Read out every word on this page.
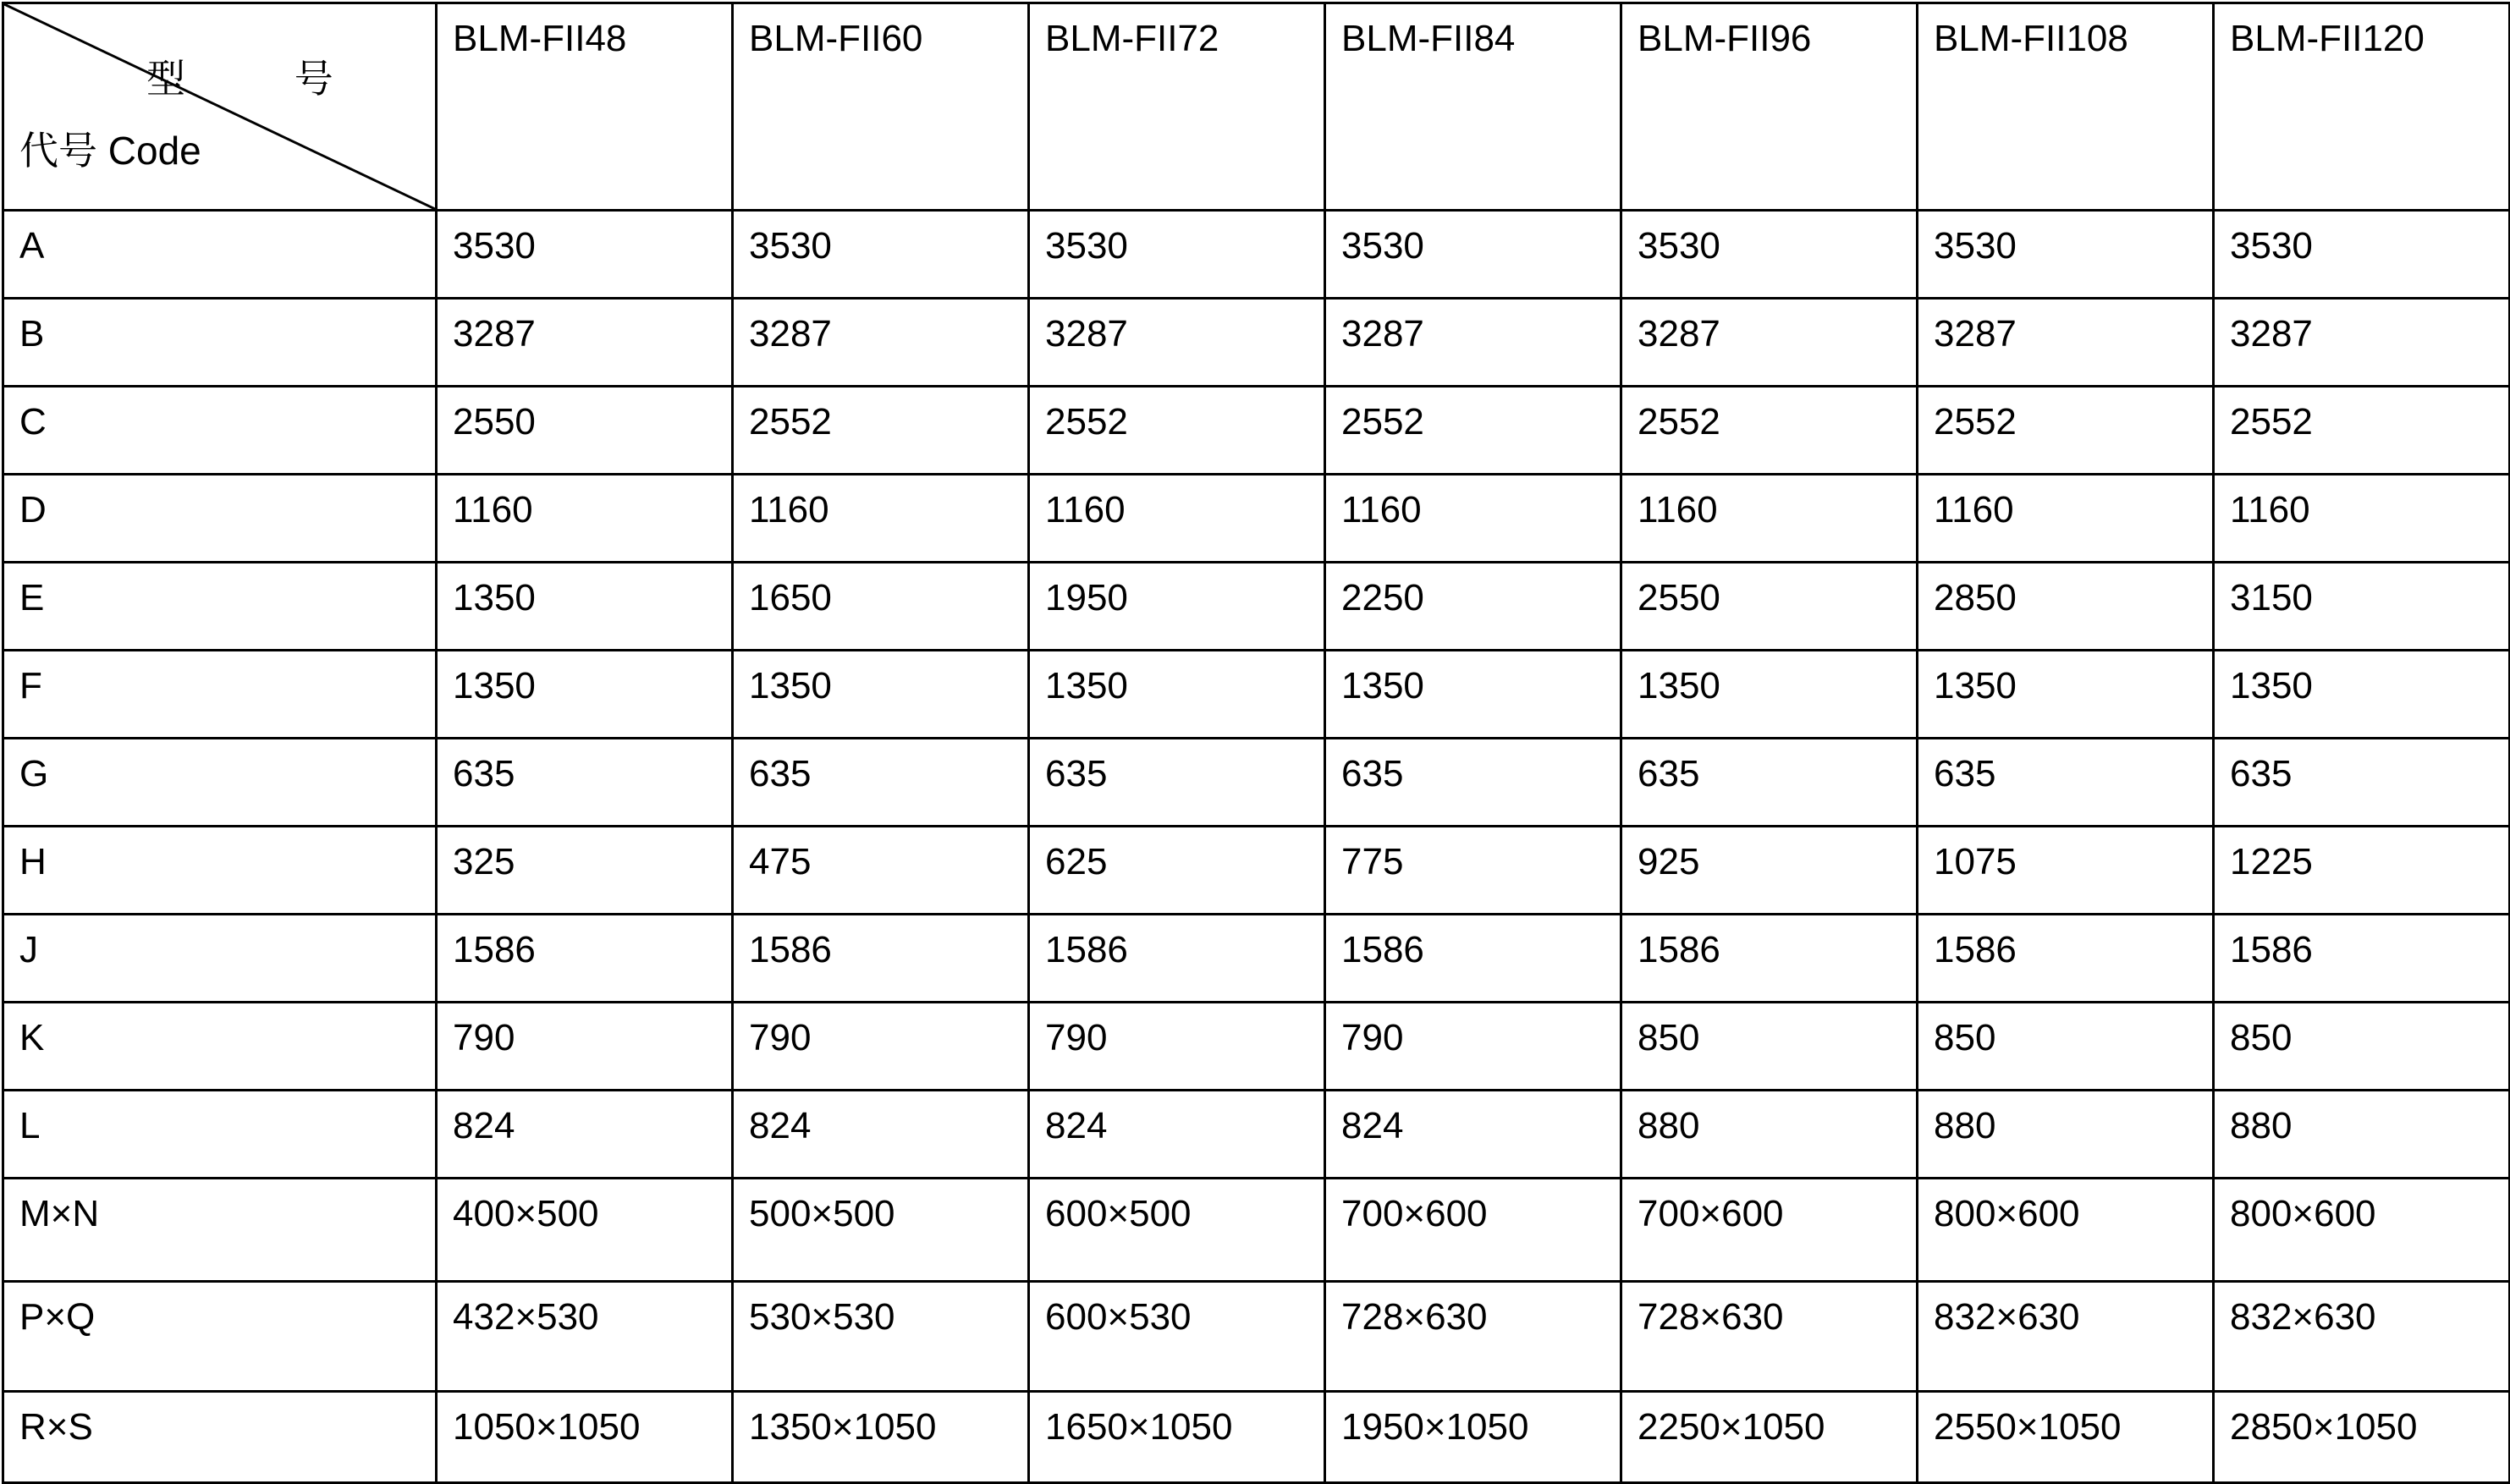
型 号
代号 Code	BLM-FII48	BLM-FII60	BLM-FII72	BLM-FII84	BLM-FII96	BLM-FII108	BLM-FII120
A	3530	3530	3530	3530	3530	3530	3530
B	3287	3287	3287	3287	3287	3287	3287
C	2550	2552	2552	2552	2552	2552	2552
D	1160	1160	1160	1160	1160	1160	1160
E	1350	1650	1950	2250	2550	2850	3150
F	1350	1350	1350	1350	1350	1350	1350
G	635	635	635	635	635	635	635
H	325	475	625	775	925	1075	1225
J	1586	1586	1586	1586	1586	1586	1586
K	790	790	790	790	850	850	850
L	824	824	824	824	880	880	880
M×N	400×500	500×500	600×500	700×600	700×600	800×600	800×600
P×Q	432×530	530×530	600×530	728×630	728×630	832×630	832×630
R×S	1050×1050	1350×1050	1650×1050	1950×1050	2250×1050	2550×1050	2850×1050
